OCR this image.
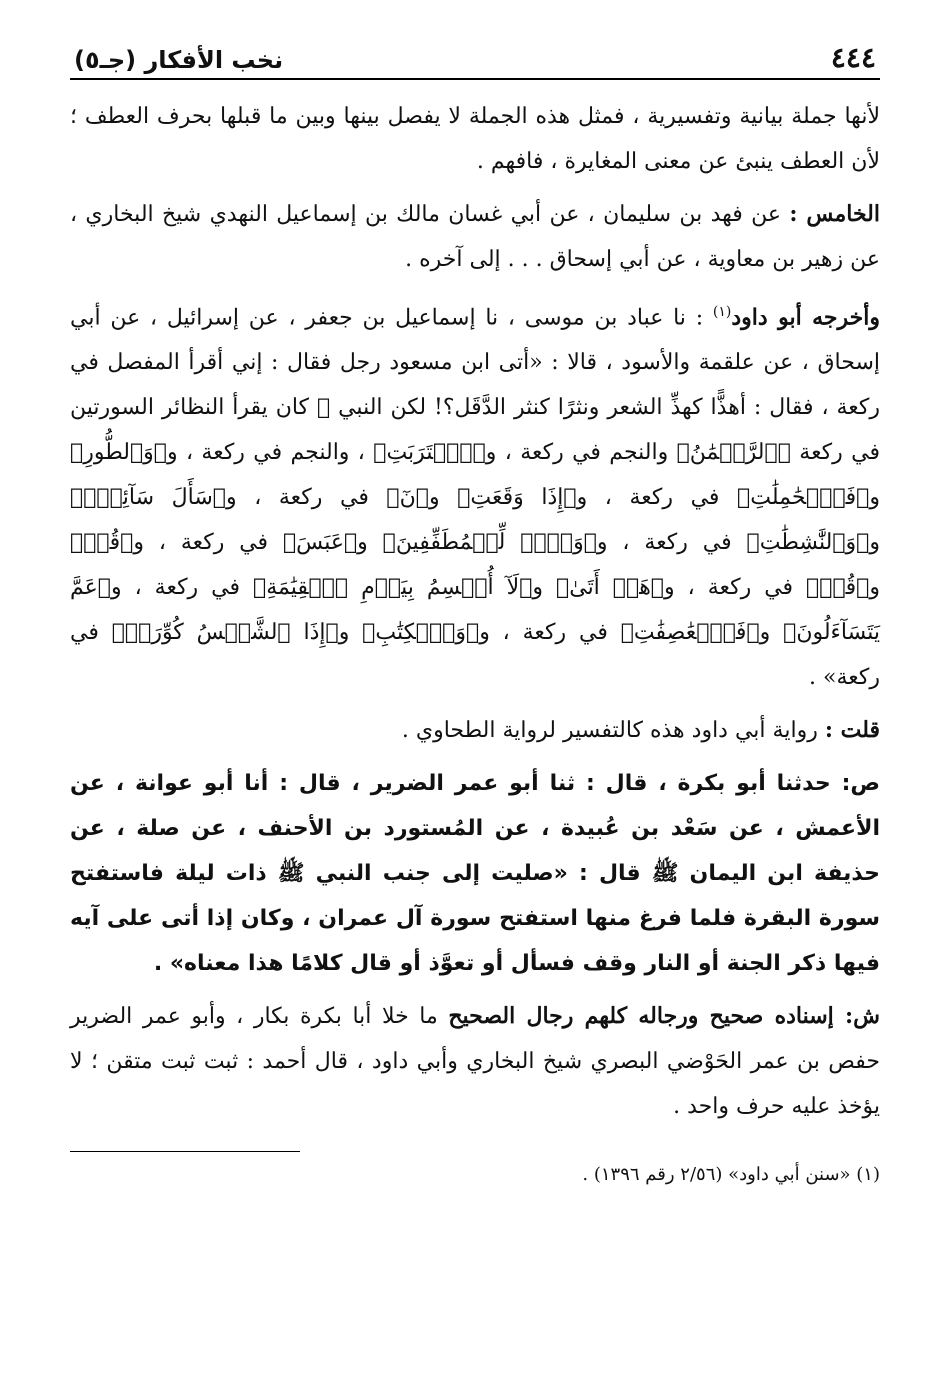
٤٤٤
نخب الأفكار (جـ٥)

لأنها جملة بيانية وتفسيرية ، فمثل هذه الجملة لا يفصل بينها وبين ما قبلها بحرف العطف ؛ لأن العطف ينبئ عن معنى المغايرة ، فافهم .

الخامس : عن فهد بن سليمان ، عن أبي غسان مالك بن إسماعيل النهدي شيخ البخاري ، عن زهير بن معاوية ، عن أبي إسحاق . . . إلى آخره .

وأخرجه أبو داود$^{(١)}$ : نا عباد بن موسى ، نا إسماعيل بن جعفر ، عن إسرائيل ، عن أبي إسحاق ، عن علقمة والأسود ، قالا : «أتى ابن مسعود رجل فقال : إني أقرأ المفصل في ركعة ، فقال : أهذًّا كهذِّ الشعر ونثرًا كنثر الدَّقَل؟! لكن النبي ﷺ كان يقرأ النظائر السورتين في ركعة ﴿ٱلرَّحۡمَٰنُ﴾ والنجم في ركعة ، و﴿ٱقۡتَرَبَتِ﴾ ، والنجم في ركعة ، و﴿وَٱلطُّورِ﴾ و﴿فَٱلۡحَٰمِلَٰتِ﴾ في ركعة ، و﴿إِذَا وَقَعَتِ﴾ و﴿نٓ﴾ في ركعة ، و﴿سَأَلَ سَآئِلُۢ﴾ و﴿وَٱلنَّٰشِطَٰتِ﴾ في ركعة ، و﴿وَيۡلٞ لِّلۡمُطَفِّفِينَ﴾ و﴿عَبَسَ﴾ في ركعة ، و﴿قُمۡ﴾ و﴿قُمۡ﴾ في ركعة ، و﴿هَلۡ أَتَىٰ﴾ و﴿لَآ أُقۡسِمُ بِيَوۡمِ ٱلۡقِيَٰمَةِ﴾ في ركعة ، و﴿عَمَّ يَتَسَآءَلُونَ﴾ و﴿فَٱلۡعَٰصِفَٰتِ﴾ في ركعة ، و﴿وَٱلۡكِتَٰبِ﴾ و﴿إِذَا ٱلشَّمۡسُ كُوِّرَتۡ﴾ في ركعة» .

قلت : رواية أبي داود هذه كالتفسير لرواية الطحاوي .

ص: حدثنا أبو بكرة ، قال : ثنا أبو عمر الضرير ، قال : أنا أبو عوانة ، عن الأعمش ، عن سَعْد بن عُبيدة ، عن المُستورد بن الأحنف ، عن صلة ، عن حذيفة ابن اليمان ﷺ قال : «صليت إلى جنب النبي ﷺ ذات ليلة فاستفتح سورة البقرة فلما فرغ منها استفتح سورة آل عمران ، وكان إذا أتى على آيه فيها ذكر الجنة أو النار وقف فسأل أو تعوَّذ أو قال كلامًا هذا معناه» .

ش: إسناده صحيح ورجاله كلهم رجال الصحيح ما خلا أبا بكرة بكار ، وأبو عمر الضرير حفص بن عمر الحَوْضي البصري شيخ البخاري وأبي داود ، قال أحمد : ثبت ثبت متقن ؛ لا يؤخذ عليه حرف واحد .

(١) «سنن أبي داود» (٢/٥٦ رقم ١٣٩٦) .
